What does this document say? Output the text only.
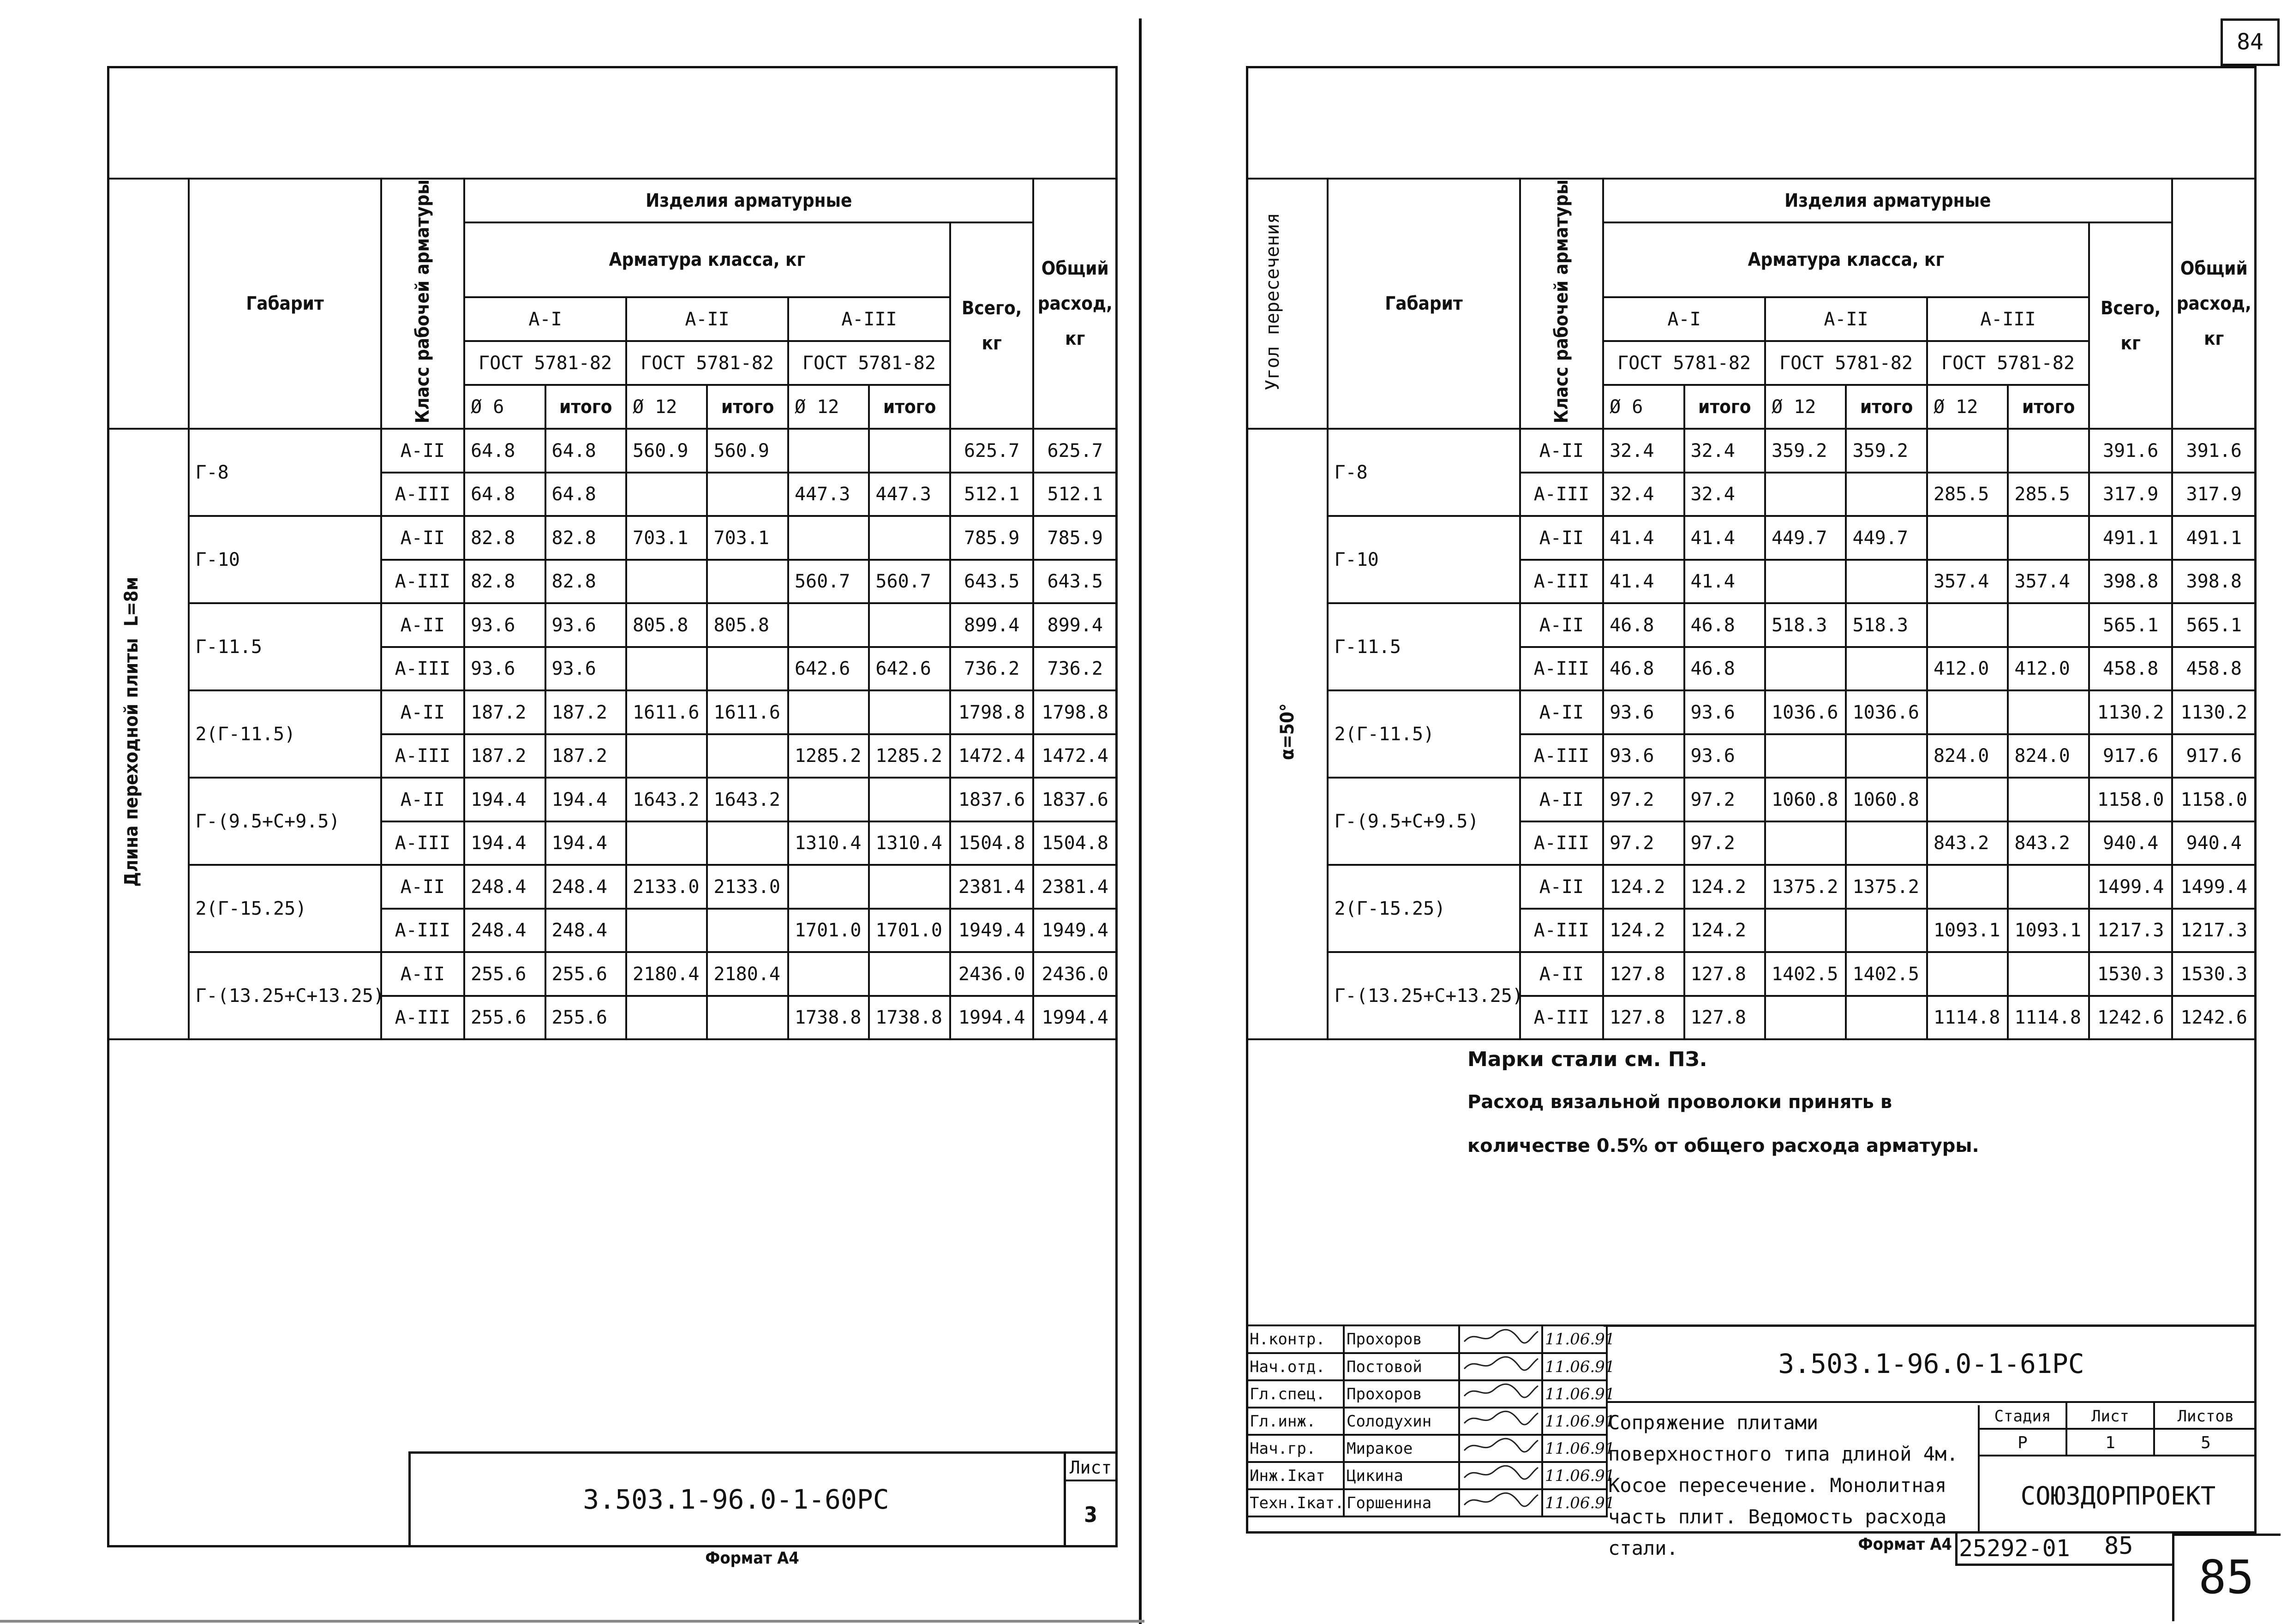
	Габарит	Класс рабочей арматуры	Изделия арматурные							Общий расход, кг
			Арматура класса, кг						Всего, кг	
			А-I		А-II		А-III			
			ГОСТ 5781-82		ГОСТ 5781-82		ГОСТ 5781-82			
			Ø 6	итого	Ø 12	итого	Ø 12	итого		
Длина переходной плиты  L=8м	Г-8	А-II	64.8	64.8	560.9	560.9			625.7	625.7
		А-III	64.8	64.8			447.3	447.3	512.1	512.1
	Г-10	А-II	82.8	82.8	703.1	703.1			785.9	785.9
		А-III	82.8	82.8			560.7	560.7	643.5	643.5
	Г-11.5	А-II	93.6	93.6	805.8	805.8			899.4	899.4
		А-III	93.6	93.6			642.6	642.6	736.2	736.2
	2(Г-11.5)	А-II	187.2	187.2	1611.6	1611.6			1798.8	1798.8
		А-III	187.2	187.2			1285.2	1285.2	1472.4	1472.4
	Г-(9.5+С+9.5)	А-II	194.4	194.4	1643.2	1643.2			1837.6	1837.6
		А-III	194.4	194.4			1310.4	1310.4	1504.8	1504.8
	2(Г-15.25)	А-II	248.4	248.4	2133.0	2133.0			2381.4	2381.4
		А-III	248.4	248.4			1701.0	1701.0	1949.4	1949.4
	Г-(13.25+С+13.25)	А-II	255.6	255.6	2180.4	2180.4			2436.0	2436.0
		А-III	255.6	255.6			1738.8	1738.8	1994.4	1994.4
3.503.1-96.0-1-60РС
Лист
3
Формат А4
84
Угол пересечения	Габарит	Класс рабочей арматуры	Изделия арматурные							Общий расход, кг
			Арматура класса, кг						Всего, кг	
			А-I		А-II		А-III			
			ГОСТ 5781-82		ГОСТ 5781-82		ГОСТ 5781-82			
			Ø 6	итого	Ø 12	итого	Ø 12	итого		
α=50°	Г-8	А-II	32.4	32.4	359.2	359.2			391.6	391.6
		А-III	32.4	32.4			285.5	285.5	317.9	317.9
	Г-10	А-II	41.4	41.4	449.7	449.7			491.1	491.1
		А-III	41.4	41.4			357.4	357.4	398.8	398.8
	Г-11.5	А-II	46.8	46.8	518.3	518.3			565.1	565.1
		А-III	46.8	46.8			412.0	412.0	458.8	458.8
	2(Г-11.5)	А-II	93.6	93.6	1036.6	1036.6			1130.2	1130.2
		А-III	93.6	93.6			824.0	824.0	917.6	917.6
	Г-(9.5+С+9.5)	А-II	97.2	97.2	1060.8	1060.8			1158.0	1158.0
		А-III	97.2	97.2			843.2	843.2	940.4	940.4
	2(Г-15.25)	А-II	124.2	124.2	1375.2	1375.2			1499.4	1499.4
		А-III	124.2	124.2			1093.1	1093.1	1217.3	1217.3
	Г-(13.25+С+13.25)	А-II	127.8	127.8	1402.5	1402.5			1530.3	1530.3
		А-III	127.8	127.8			1114.8	1114.8	1242.6	1242.6
Марки стали см. ПЗ.
Расход вязальной проволоки принять в
количестве 0.5% от общего расхода арматуры.
Н.контр.	Прохоров		11.06.91
Нач.отд.	Постовой		11.06.91
Гл.спец.	Прохоров		11.06.91
Гл.инж.	Солодухин		11.06.91
Нач.гр.	Миракое		11.06.91
Инж.Iкат	Цикина		11.06.91
Техн.Iкат.	Горшенина		11.06.91
3.503.1-96.0-1-61РС
Сопряжение плитами поверхностного типа длиной 4м. Косое пересечение. Монолитная часть плит. Ведомость расхода стали.
Стадия	Лист	Листов
Р	1	5
СОЮЗДОРПРОЕКТ
Формат А4 25292-01	85
85
